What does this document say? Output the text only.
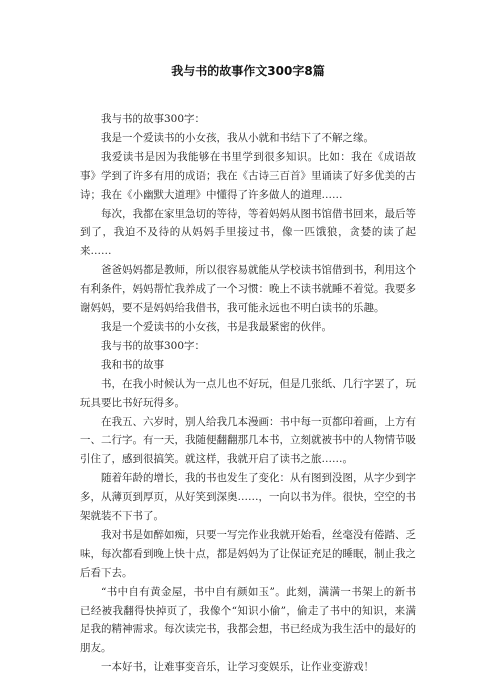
我与书的故事作文300字8篇

我与书的故事300字：

我是一个爱读书的小女孩，我从小就和书结下了不解之缘。

我爱读书是因为我能够在书里学到很多知识。比如：我在《成语故事》学到了许多有用的成语；我在《古诗三百首》里诵读了好多优美的古诗；我在《小幽默大道理》中懂得了许多做人的道理……

每次，我都在家里急切的等待，等着妈妈从图书馆借书回来，最后等到了，我迫不及待的从妈妈手里接过书，像一匹饿狼，贪婪的读了起来……

爸爸妈妈都是教师，所以很容易就能从学校读书馆借到书，利用这个有利条件，妈妈帮忙我养成了一个习惯：晚上不读书就睡不着觉。我要多谢妈妈，要不是妈妈给我借书，我可能永远也不明白读书的乐趣。

我是一个爱读书的小女孩，书是我最紧密的伙伴。

我与书的故事300字：

我和书的故事

书，在我小时候认为一点儿也不好玩，但是几张纸、几行字罢了，玩玩具要比书好玩得多。

在我五、六岁时，别人给我几本漫画：书中每一页都印着画，上方有一、二行字。有一天，我随便翻翻那几本书，立刻就被书中的人物情节吸引住了，感到很搞笑。就这样，我就开启了读书之旅……。

随着年龄的增长，我的书也发生了变化：从有图到没图，从字少到字多，从薄页到厚页，从好笑到深奥……，一向以书为伴。很快，空空的书架就装不下书了。

我对书是如醉如痴，只要一写完作业我就开始看，丝毫没有倦踏、乏味，每次都看到晚上快十点，都是妈妈为了让保证充足的睡眠，制止我之后看下去。

“书中自有黄金屋，书中自有颜如玉”。此刻，满满一书架上的新书已经被我翻得快掉页了，我像个“知识小偷”，偷走了书中的知识，来满足我的精神需求。每次读完书，我都会想，书已经成为我生活中的最好的朋友。

一本好书，让难事变音乐，让学习变娱乐，让作业变游戏！
